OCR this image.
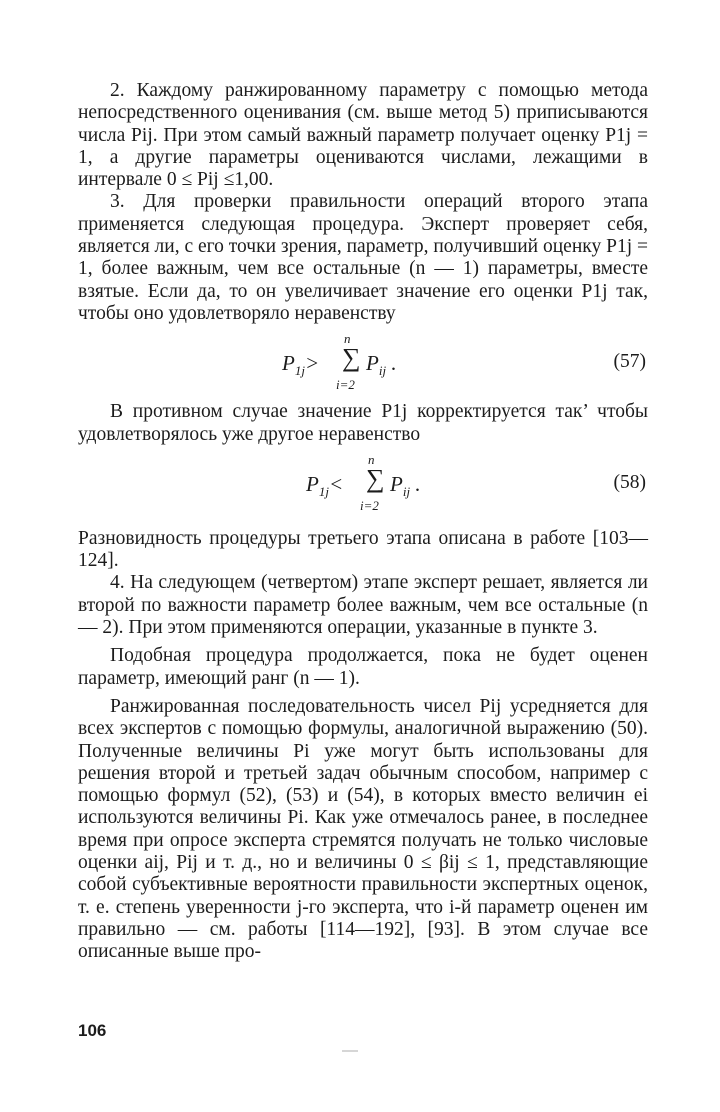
2. Каждому ранжированному параметру с помощью метода непосредственного оценивания (см. выше метод 5) приписываются числа Pij. При этом самый важный параметр получает оценку P1j = 1, а другие параметры оцениваются числами, лежащими в интервале 0 ≤ Pij ≤1,00.

3. Для проверки правильности операций второго этапа применяется следующая процедура. Эксперт проверяет себя, является ли, с его точки зрения, параметр, получивший оценку P1j = 1, более важным, чем все остальные (n — 1) параметры, вместе взятые. Если да, то он увеличивает значение его оценки P1j так, чтобы оно удовлетворяло неравенству

$P_{1j}>$
n
∑
i=2
$P_{ij}$ .	(57)

В противном случае значение P1j корректируется так’ чтобы удовлетворялось уже другое неравенство

$P_{1j}<$
n
∑
i=2
$P_{ij}$ .	(58)

Разновидность процедуры третьего этапа описана в работе [103—124].

4. На следующем (четвертом) этапе эксперт решает, является ли второй по важности параметр более важным, чем все остальные (n — 2). При этом применяются операции, указанные в пункте 3.

Подобная процедура продолжается, пока не будет оценен параметр, имеющий ранг (n — 1).

Ранжированная последовательность чисел Pij усредняется для всех экспертов с помощью формулы, аналогичной выражению (50). Полученные величины Pi уже могут быть использованы для решения второй и третьей задач обычным способом, например с помощью формул (52), (53) и (54), в которых вместо величин ei используются величины Pi. Как уже отмечалось ранее, в последнее время при опросе эксперта стремятся получать не только числовые оценки aij, Pij и т. д., но и величины 0 ≤ βij ≤ 1, представляющие собой субъективные вероятности правильности экспертных оценок, т. е. степень уверенности j-го эксперта, что i-й параметр оценен им правильно — см. работы [114—192], [93]. В этом случае все описанные выше про-

106
